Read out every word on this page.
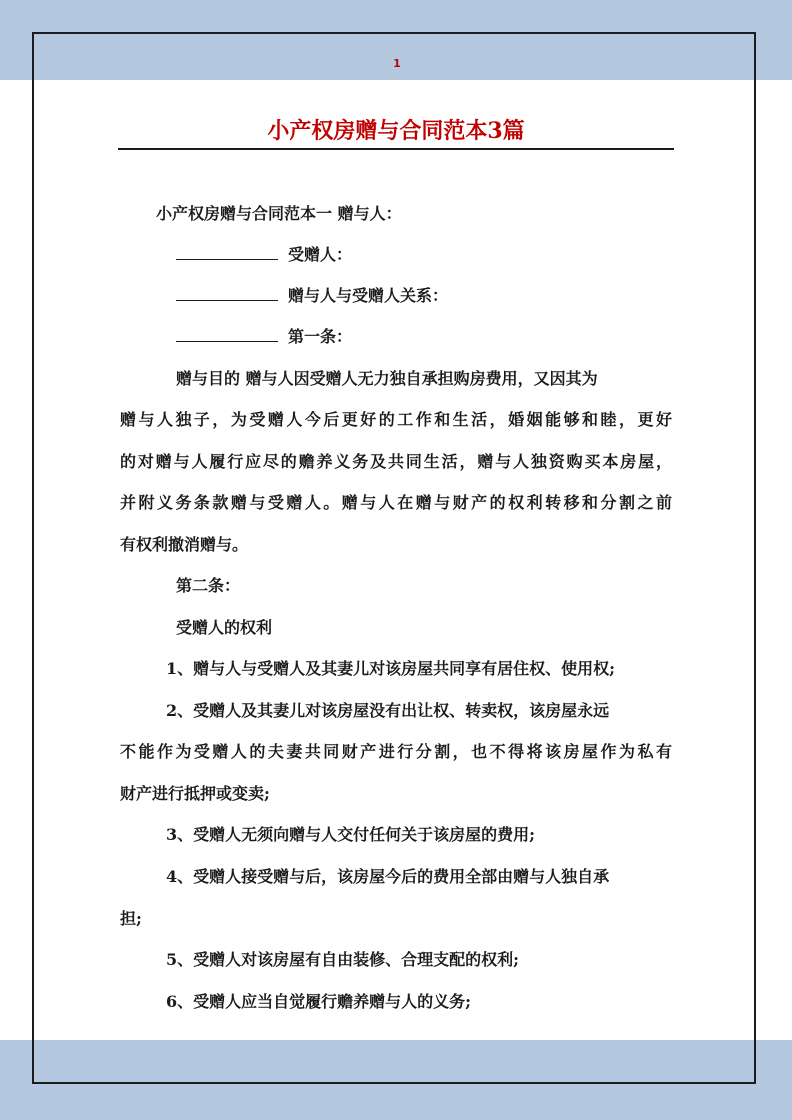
1
小产权房赠与合同范本3篇
小产权房赠与合同范本一 赠与人：
受赠人：
赠与人与受赠人关系：
第一条：
赠与目的 赠与人因受赠人无力独自承担购房费用，又因其为
赠与人独子，为受赠人今后更好的工作和生活，婚姻能够和睦，更好
的对赠与人履行应尽的赡养义务及共同生活，赠与人独资购买本房屋，
并附义务条款赠与受赠人。赠与人在赠与财产的权利转移和分割之前
有权利撤消赠与。
第二条：
受赠人的权利
1、赠与人与受赠人及其妻儿对该房屋共同享有居住权、使用权;
2、受赠人及其妻儿对该房屋没有出让权、转卖权，该房屋永远
不能作为受赠人的夫妻共同财产进行分割，也不得将该房屋作为私有
财产进行抵押或变卖;
3、受赠人无须向赠与人交付任何关于该房屋的费用;
4、受赠人接受赠与后，该房屋今后的费用全部由赠与人独自承
担;
5、受赠人对该房屋有自由装修、合理支配的权利;
6、受赠人应当自觉履行赡养赠与人的义务;
